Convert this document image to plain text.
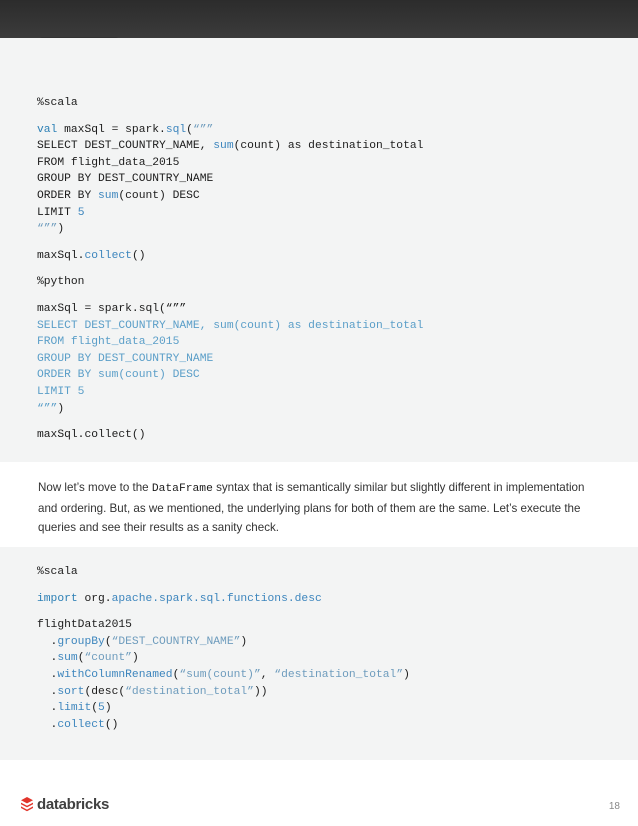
%scala
val maxSql = spark.sql(“””
SELECT DEST_COUNTRY_NAME, sum(count) as destination_total
FROM flight_data_2015
GROUP BY DEST_COUNTRY_NAME
ORDER BY sum(count) DESC
LIMIT 5
“””)
maxSql.collect()
%python
maxSql = spark.sql(“””
SELECT DEST_COUNTRY_NAME, sum(count) as destination_total
FROM flight_data_2015
GROUP BY DEST_COUNTRY_NAME
ORDER BY sum(count) DESC
LIMIT 5
“””)
maxSql.collect()

Now let’s move to the DataFrame syntax that is semantically similar but slightly different in implementation and ordering. But, as we mentioned, the underlying plans for both of them are the same. Let’s execute the queries and see their results as a sanity check.

%scala
import org.apache.spark.sql.functions.desc
flightData2015
.groupBy(“DEST_COUNTRY_NAME”)
.sum(“count”)
.withColumnRenamed(“sum(count)”, “destination_total”)
.sort(desc(“destination_total”))
.limit(5)
.collect()
databricks	18
